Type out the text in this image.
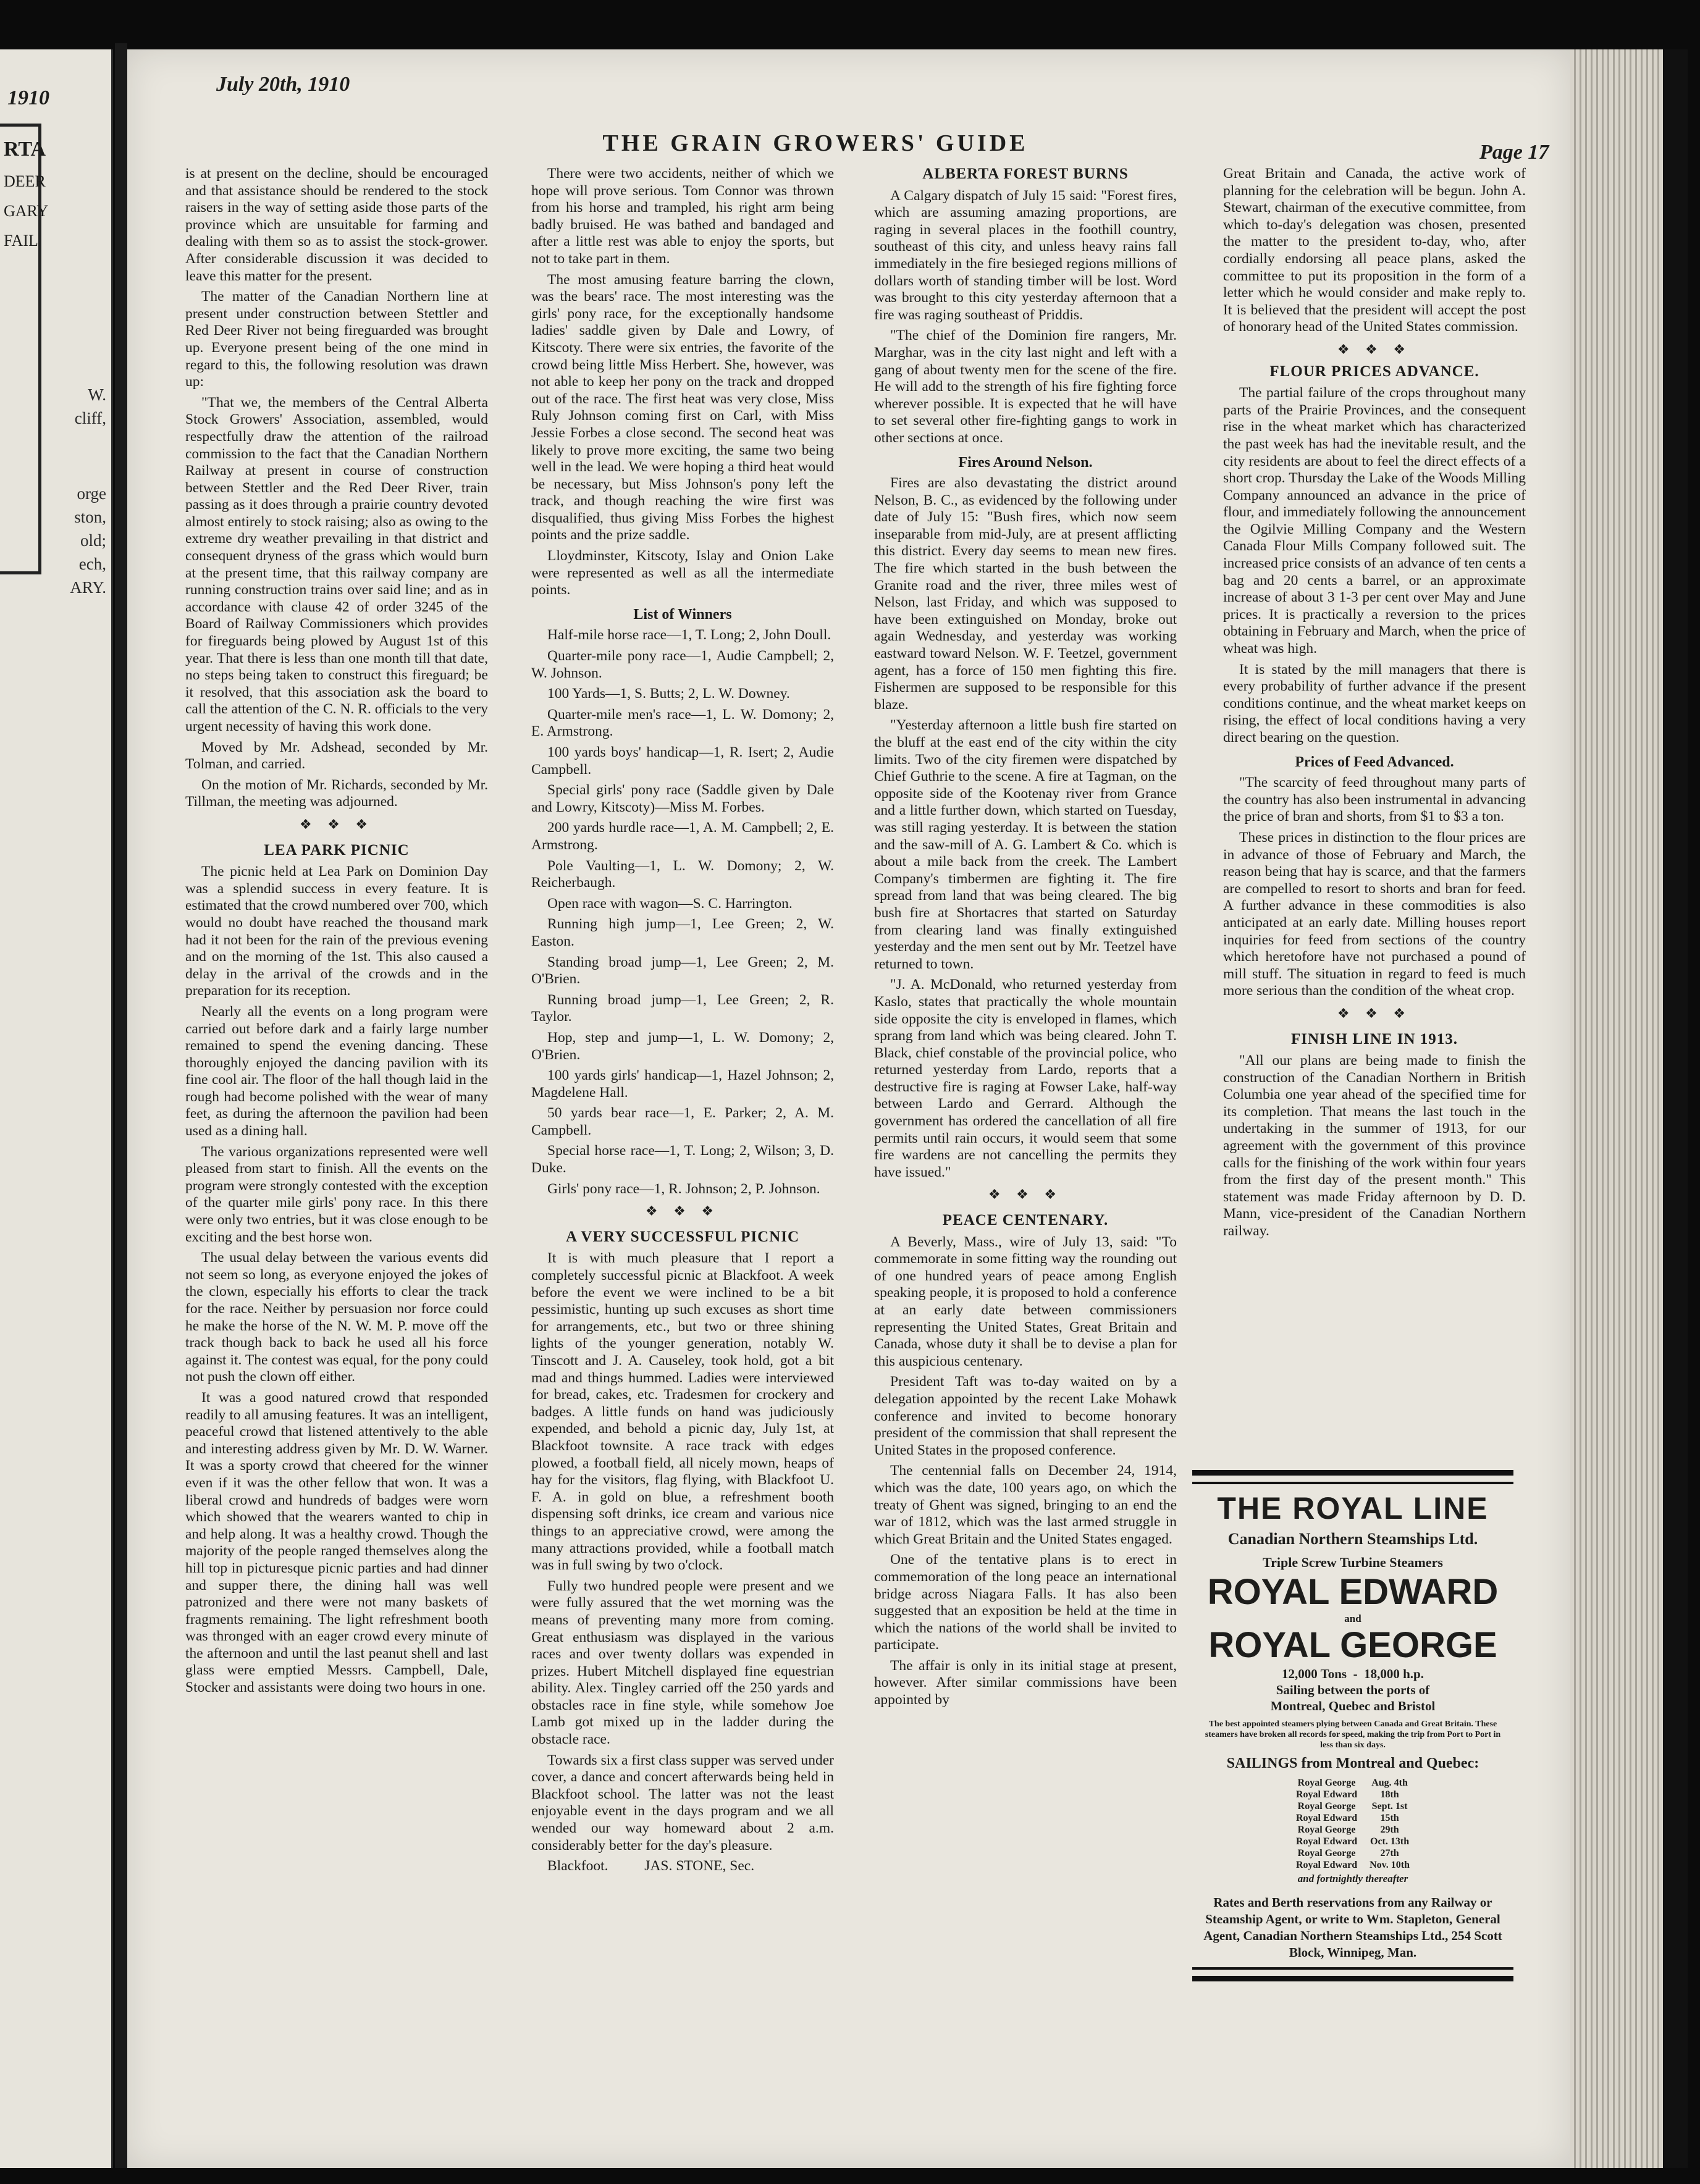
1910
RTA
DEER
GARY
FAIL
W.
cliff,
orge
ston,
old;
ech,
ARY.
July 20th, 1910
THE GRAIN GROWERS' GUIDE	Page 17

is at present on the decline, should be encouraged and that assistance should be rendered to the stock raisers in the way of setting aside those parts of the province which are unsuitable for farming and dealing with them so as to assist the stock-grower. After considerable discussion it was decided to leave this matter for the present.

The matter of the Canadian Northern line at present under construction between Stettler and Red Deer River not being fireguarded was brought up. Everyone present being of the one mind in regard to this, the following resolution was drawn up:

"That we, the members of the Central Alberta Stock Growers' Association, assembled, would respectfully draw the attention of the railroad commission to the fact that the Canadian Northern Railway at present in course of construction between Stettler and the Red Deer River, train passing as it does through a prairie country devoted almost entirely to stock raising; also as owing to the extreme dry weather prevailing in that district and consequent dryness of the grass which would burn at the present time, that this railway company are running construction trains over said line; and as in accordance with clause 42 of order 3245 of the Board of Railway Commissioners which provides for fireguards being plowed by August 1st of this year. That there is less than one month till that date, no steps being taken to construct this fireguard; be it resolved, that this association ask the board to call the attention of the C. N. R. officials to the very urgent necessity of having this work done.

Moved by Mr. Adshead, seconded by Mr. Tolman, and carried.

On the motion of Mr. Richards, seconded by Mr. Tillman, the meeting was adjourned.

❖ ❖ ❖
LEA PARK PICNIC

The picnic held at Lea Park on Dominion Day was a splendid success in every feature. It is estimated that the crowd numbered over 700, which would no doubt have reached the thousand mark had it not been for the rain of the previous evening and on the morning of the 1st. This also caused a delay in the arrival of the crowds and in the preparation for its reception.

Nearly all the events on a long program were carried out before dark and a fairly large number remained to spend the evening dancing. These thoroughly enjoyed the dancing pavilion with its fine cool air. The floor of the hall though laid in the rough had become polished with the wear of many feet, as during the afternoon the pavilion had been used as a dining hall.

The various organizations represented were well pleased from start to finish. All the events on the program were strongly contested with the exception of the quarter mile girls' pony race. In this there were only two entries, but it was close enough to be exciting and the best horse won.

The usual delay between the various events did not seem so long, as everyone enjoyed the jokes of the clown, especially his efforts to clear the track for the race. Neither by persuasion nor force could he make the horse of the N. W. M. P. move off the track though back to back he used all his force against it. The contest was equal, for the pony could not push the clown off either.

It was a good natured crowd that responded readily to all amusing features. It was an intelligent, peaceful crowd that listened attentively to the able and interesting address given by Mr. D. W. Warner. It was a sporty crowd that cheered for the winner even if it was the other fellow that won. It was a liberal crowd and hundreds of badges were worn which showed that the wearers wanted to chip in and help along. It was a healthy crowd. Though the majority of the people ranged themselves along the hill top in picturesque picnic parties and had dinner and supper there, the dining hall was well patronized and there were not many baskets of fragments remaining. The light refreshment booth was thronged with an eager crowd every minute of the afternoon and until the last peanut shell and last glass were emptied Messrs. Campbell, Dale, Stocker and assistants were doing two hours in one.

There were two accidents, neither of which we hope will prove serious. Tom Connor was thrown from his horse and trampled, his right arm being badly bruised. He was bathed and bandaged and after a little rest was able to enjoy the sports, but not to take part in them.

The most amusing feature barring the clown, was the bears' race. The most interesting was the girls' pony race, for the exceptionally handsome ladies' saddle given by Dale and Lowry, of Kitscoty. There were six entries, the favorite of the crowd being little Miss Herbert. She, however, was not able to keep her pony on the track and dropped out of the race. The first heat was very close, Miss Ruly Johnson coming first on Carl, with Miss Jessie Forbes a close second. The second heat was likely to prove more exciting, the same two being well in the lead. We were hoping a third heat would be necessary, but Miss Johnson's pony left the track, and though reaching the wire first was disqualified, thus giving Miss Forbes the highest points and the prize saddle.

Lloydminster, Kitscoty, Islay and Onion Lake were represented as well as all the intermediate points.

List of Winners

Half-mile horse race—1, T. Long; 2, John Doull.

Quarter-mile pony race—1, Audie Campbell; 2, W. Johnson.

100 Yards—1, S. Butts; 2, L. W. Downey.

Quarter-mile men's race—1, L. W. Domony; 2, E. Armstrong.

100 yards boys' handicap—1, R. Isert; 2, Audie Campbell.

Special girls' pony race (Saddle given by Dale and Lowry, Kitscoty)—Miss M. Forbes.

200 yards hurdle race—1, A. M. Campbell; 2, E. Armstrong.

Pole Vaulting—1, L. W. Domony; 2, W. Reicherbaugh.

Open race with wagon—S. C. Harrington.

Running high jump—1, Lee Green; 2, W. Easton.

Standing broad jump—1, Lee Green; 2, M. O'Brien.

Running broad jump—1, Lee Green; 2, R. Taylor.

Hop, step and jump—1, L. W. Domony; 2, O'Brien.

100 yards girls' handicap—1, Hazel Johnson; 2, Magdelene Hall.

50 yards bear race—1, E. Parker; 2, A. M. Campbell.

Special horse race—1, T. Long; 2, Wilson; 3, D. Duke.

Girls' pony race—1, R. Johnson; 2, P. Johnson.

❖ ❖ ❖
A VERY SUCCESSFUL PICNIC

It is with much pleasure that I report a completely successful picnic at Blackfoot. A week before the event we were inclined to be a bit pessimistic, hunting up such excuses as short time for arrangements, etc., but two or three shining lights of the younger generation, notably W. Tinscott and J. A. Causeley, took hold, got a bit mad and things hummed. Ladies were interviewed for bread, cakes, etc. Tradesmen for crockery and badges. A little funds on hand was judiciously expended, and behold a picnic day, July 1st, at Blackfoot townsite. A race track with edges plowed, a football field, all nicely mown, heaps of hay for the visitors, flag flying, with Blackfoot U. F. A. in gold on blue, a refreshment booth dispensing soft drinks, ice cream and various nice things to an appreciative crowd, were among the many attractions provided, while a football match was in full swing by two o'clock.

Fully two hundred people were present and we were fully assured that the wet morning was the means of preventing many more from coming. Great enthusiasm was displayed in the various races and over twenty dollars was expended in prizes. Hubert Mitchell displayed fine equestrian ability. Alex. Tingley carried off the 250 yards and obstacles race in fine style, while somehow Joe Lamb got mixed up in the ladder during the obstacle race.

Towards six a first class supper was served under cover, a dance and concert afterwards being held in Blackfoot school. The latter was not the least enjoyable event in the days program and we all wended our way homeward about 2 a.m. considerably better for the day's pleasure.

Blackfoot.          JAS. STONE, Sec.

ALBERTA FOREST BURNS

A Calgary dispatch of July 15 said: "Forest fires, which are assuming amazing proportions, are raging in several places in the foothill country, southeast of this city, and unless heavy rains fall immediately in the fire besieged regions millions of dollars worth of standing timber will be lost. Word was brought to this city yesterday afternoon that a fire was raging southeast of Priddis.

"The chief of the Dominion fire rangers, Mr. Marghar, was in the city last night and left with a gang of about twenty men for the scene of the fire. He will add to the strength of his fire fighting force wherever possible. It is expected that he will have to set several other fire-fighting gangs to work in other sections at once.

Fires Around Nelson.

Fires are also devastating the district around Nelson, B. C., as evidenced by the following under date of July 15: "Bush fires, which now seem inseparable from mid-July, are at present afflicting this district. Every day seems to mean new fires. The fire which started in the bush between the Granite road and the river, three miles west of Nelson, last Friday, and which was supposed to have been extinguished on Monday, broke out again Wednesday, and yesterday was working eastward toward Nelson. W. F. Teetzel, government agent, has a force of 150 men fighting this fire. Fishermen are supposed to be responsible for this blaze.

"Yesterday afternoon a little bush fire started on the bluff at the east end of the city within the city limits. Two of the city firemen were dispatched by Chief Guthrie to the scene. A fire at Tagman, on the opposite side of the Kootenay river from Grance and a little further down, which started on Tuesday, was still raging yesterday. It is between the station and the saw-mill of A. G. Lambert & Co. which is about a mile back from the creek. The Lambert Company's timbermen are fighting it. The fire spread from land that was being cleared. The big bush fire at Shortacres that started on Saturday from clearing land was finally extinguished yesterday and the men sent out by Mr. Teetzel have returned to town.

"J. A. McDonald, who returned yesterday from Kaslo, states that practically the whole mountain side opposite the city is enveloped in flames, which sprang from land which was being cleared. John T. Black, chief constable of the provincial police, who returned yesterday from Lardo, reports that a destructive fire is raging at Fowser Lake, half-way between Lardo and Gerrard. Although the government has ordered the cancellation of all fire permits until rain occurs, it would seem that some fire wardens are not cancelling the permits they have issued."

❖ ❖ ❖
PEACE CENTENARY.

A Beverly, Mass., wire of July 13, said: "To commemorate in some fitting way the rounding out of one hundred years of peace among English speaking people, it is proposed to hold a conference at an early date between commissioners representing the United States, Great Britain and Canada, whose duty it shall be to devise a plan for this auspicious centenary.

President Taft was to-day waited on by a delegation appointed by the recent Lake Mohawk conference and invited to become honorary president of the commission that shall represent the United States in the proposed conference.

The centennial falls on December 24, 1914, which was the date, 100 years ago, on which the treaty of Ghent was signed, bringing to an end the war of 1812, which was the last armed struggle in which Great Britain and the United States engaged.

One of the tentative plans is to erect in commemoration of the long peace an international bridge across Niagara Falls. It has also been suggested that an exposition be held at the time in which the nations of the world shall be invited to participate.

The affair is only in its initial stage at present, however. After similar commissions have been appointed by

Great Britain and Canada, the active work of planning for the celebration will be begun. John A. Stewart, chairman of the executive committee, from which to-day's delegation was chosen, presented the matter to the president to-day, who, after cordially endorsing all peace plans, asked the committee to put its proposition in the form of a letter which he would consider and make reply to. It is believed that the president will accept the post of honorary head of the United States commission.

❖ ❖ ❖
FLOUR PRICES ADVANCE.

The partial failure of the crops throughout many parts of the Prairie Provinces, and the consequent rise in the wheat market which has characterized the past week has had the inevitable result, and the city residents are about to feel the direct effects of a short crop. Thursday the Lake of the Woods Milling Company announced an advance in the price of flour, and immediately following the announcement the Ogilvie Milling Company and the Western Canada Flour Mills Company followed suit. The increased price consists of an advance of ten cents a bag and 20 cents a barrel, or an approximate increase of about 3 1-3 per cent over May and June prices. It is practically a reversion to the prices obtaining in February and March, when the price of wheat was high.

It is stated by the mill managers that there is every probability of further advance if the present conditions continue, and the wheat market keeps on rising, the effect of local conditions having a very direct bearing on the question.

Prices of Feed Advanced.

"The scarcity of feed throughout many parts of the country has also been instrumental in advancing the price of bran and shorts, from $1 to $3 a ton.

These prices in distinction to the flour prices are in advance of those of February and March, the reason being that hay is scarce, and that the farmers are compelled to resort to shorts and bran for feed. A further advance in these commodities is also anticipated at an early date. Milling houses report inquiries for feed from sections of the country which heretofore have not purchased a pound of mill stuff. The situation in regard to feed is much more serious than the condition of the wheat crop.

❖ ❖ ❖
FINISH LINE IN 1913.

"All our plans are being made to finish the construction of the Canadian Northern in British Columbia one year ahead of the specified time for its completion. That means the last touch in the undertaking in the summer of 1913, for our agreement with the government of this province calls for the finishing of the work within four years from the first day of the present month." This statement was made Friday afternoon by D. D. Mann, vice-president of the Canadian Northern railway.

THE ROYAL LINE
Canadian Northern Steamships Ltd.
Triple Screw Turbine Steamers
ROYAL EDWARD
and
ROYAL GEORGE
12,000 Tons  -  18,000 h.p.
Sailing between the ports of
Montreal, Quebec and Bristol
The best appointed steamers plying between Canada and Great Britain. These steamers have broken all records for speed, making the trip from Port to Port in less than six days.
SAILINGS from Montreal and Quebec:
Royal George	Aug. 4th
Royal Edward	18th
Royal George	Sept. 1st
Royal Edward	15th
Royal George	29th
Royal Edward	Oct. 13th
Royal George	27th
Royal Edward	Nov. 10th
and fortnightly thereafter
Rates and Berth reservations from any Railway or Steamship Agent, or write to Wm. Stapleton, General Agent, Canadian Northern Steamships Ltd., 254 Scott Block, Winnipeg, Man.
